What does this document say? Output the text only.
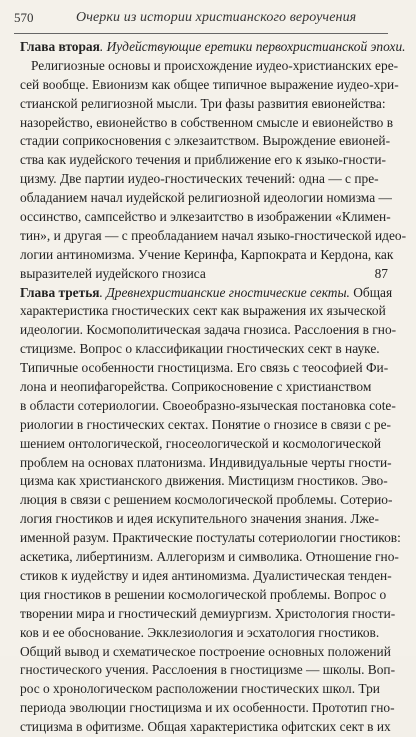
570	Очерки из истории христианского вероучения
Глава вторая. Иудействующие еретики первохристианской эпохи.
Религиозные основы и происхождение иудео-христианских ере-
сей вообще. Евионизм как общее типичное выражение иудео-хри-
стианской религиозной мысли. Три фазы развития евионейства:
назорейство, евионейство в собственном смысле и евионейство в
стадии соприкосновения с элкезаитством. Вырождение евионей-
ства как иудейского течения и приближение его к языко-гности-
цизму. Две партии иудео-гностических течений: одна — с пре-
обладанием начал иудейской религиозной идеологии номизма —
оссинство, сампсейство и элкезаитство в изображении «Климен-
тин», и другая — с преобладанием начал языко-гностической идео-
логии антиномизма. Учение Керинфа, Карпократа и Кердона, как
выразителей иудейского гнозиса	87
Глава третья. Древнехристианские гностические секты. Общая
характеристика гностических сект как выражения их языческой
идеологии. Космополитическая задача гнозиса. Расслоения в гно-
стицизме. Вопрос о классификации гностических сект в науке.
Типичные особенности гностицизма. Его связь с теософией Фи-
лона и неопифагорейства. Соприкосновение с христианством
в области сотериологии. Своеобразно-языческая постановка сote-
риологии в гностических сектах. Понятие о гнозисе в связи с ре-
шением онтологической, гносеологической и космологической
проблем на основах платонизма. Индивидуальные черты гности-
цизма как христианского движения. Мистицизм гностиков. Эво-
люция в связи с решением космологической проблемы. Сотерио-
логия гностиков и идея искупительного значения знания. Лже-
именной разум. Практические постулаты сотериологии гностиков:
аскетика, либертинизм. Аллегоризм и символика. Отношение гно-
стиков к иудейству и идея антиномизма. Дуалистическая тенден-
ция гностиков в решении космологической проблемы. Вопрос о
творении мира и гностический демиургизм. Христология гности-
ков и ее обоснование. Экклезиология и эсхатология гностиков.
Общий вывод и схематическое построение основных положений
гностического учения. Расслоения в гностицизме — школы. Воп-
рос о хронологическом расположении гностических школ. Три
периода эволюции гностицизма и их особенности. Прототип гно-
стицизма в офитизме. Общая характеристика офитских сект в их
